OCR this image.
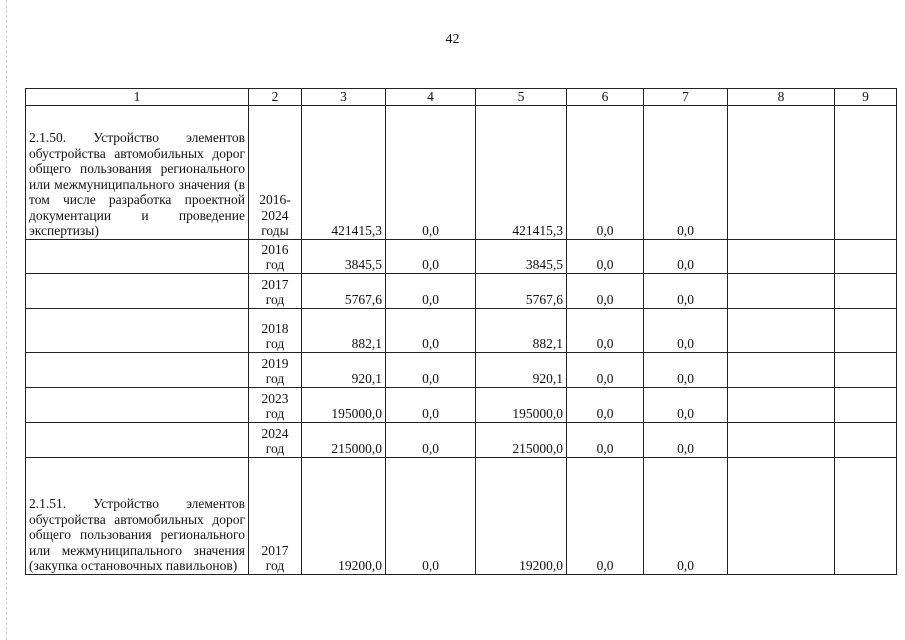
42
1	2	3	4	5	6	7	8	9
2.1.50. Устройство элементов обустройства автомобильных дорог общего пользования регионального или межмуниципального значения (в том числе разработка проектной документации и проведение экспертизы)	2016-2024 годы	421415,3	0,0	421415,3	0,0	0,0		
	2016 год	3845,5	0,0	3845,5	0,0	0,0		
	2017 год	5767,6	0,0	5767,6	0,0	0,0		
	2018 год	882,1	0,0	882,1	0,0	0,0		
	2019 год	920,1	0,0	920,1	0,0	0,0		
	2023 год	195000,0	0,0	195000,0	0,0	0,0		
	2024 год	215000,0	0,0	215000,0	0,0	0,0		
2.1.51. Устройство элементов обустройства автомобильных дорог общего пользования регионального или межмуниципального значения (закупка остановочных павильонов)	2017 год	19200,0	0,0	19200,0	0,0	0,0		
